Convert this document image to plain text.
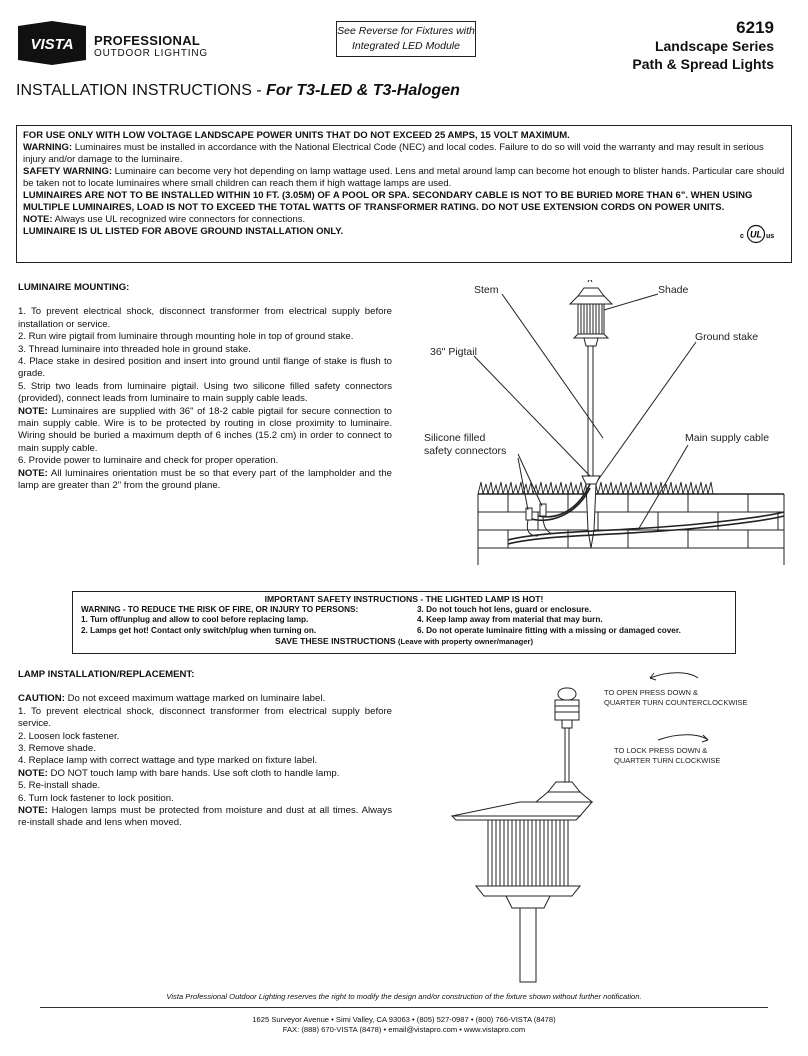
VISTA PROFESSIONAL
OUTDOOR LIGHTING
See Reverse for Fixtures with
Integrated LED Module
6219
Landscape Series
Path & Spread Lights
INSTALLATION INSTRUCTIONS - For T3-LED & T3-Halogen

FOR USE ONLY WITH LOW VOLTAGE LANDSCAPE POWER UNITS THAT DO NOT EXCEED 25 AMPS, 15 VOLT MAXIMUM.

WARNING: Luminaires must be installed in accordance with the National Electrical Code (NEC) and local codes. Failure to do so will void the warranty and may result in serious injury and/or damage to the luminaire.

SAFETY WARNING: Luminaire can become very hot depending on lamp wattage used. Lens and metal around lamp can become hot enough to blister hands. Particular care should be taken not to locate luminaires where small children can reach them if high wattage lamps are used.

LUMINAIRES ARE NOT TO BE INSTALLED WITHIN 10 FT. (3.05M) OF A POOL OR SPA. SECONDARY CABLE IS NOT TO BE BURIED MORE THAN 6". WHEN USING MULTIPLE LUMINAIRES, LOAD IS NOT TO EXCEED THE TOTAL WATTS OF TRANSFORMER RATING. DO NOT USE EXTENSION CORDS ON POWER UNITS.

NOTE: Always use UL recognized wire connectors for connections.

LUMINAIRE IS UL LISTED FOR ABOVE GROUND INSTALLATION ONLY.	c UL us

LUMINAIRE MOUNTING:

1. To prevent electrical shock, disconnect transformer from electrical supply before installation or service.

2. Run wire pigtail from luminaire through mounting hole in top of ground stake.

3. Thread luminaire into threaded hole in ground stake.

4. Place stake in desired position and insert into ground until flange of stake is flush to grade.

5. Strip two leads from luminaire pigtail. Using two silicone filled safety connectors (provided), connect leads from luminaire to main supply cable leads.

NOTE: Luminaires are supplied with 36" of 18-2 cable pigtail for secure connection to main supply cable. Wire is to be protected by routing in close proximity to luminaire. Wiring should be buried a maximum depth of 6 inches (15.2 cm) in order to connect to main supply cable.

6. Provide power to luminaire and check for proper operation.

NOTE: All luminaires orientation must be so that every part of the lampholder and the lamp are greater than 2" from the ground plane.

Stem	Shade
Ground stake
36" Pigtail
Silicone filled
safety connectors
Main supply cable
IMPORTANT SAFETY INSTRUCTIONS - THE LIGHTED LAMP IS HOT!
WARNING - TO REDUCE THE RISK OF FIRE, OR INJURY TO PERSONS:
1. Turn off/unplug and allow to cool before replacing lamp.
2. Lamps get hot! Contact only switch/plug when turning on.
3. Do not touch hot lens, guard or enclosure.
4. Keep lamp away from material that may burn.
6. Do not operate luminaire fitting with a missing or damaged cover.
SAVE THESE INSTRUCTIONS (Leave with property owner/manager)

LAMP INSTALLATION/REPLACEMENT:

CAUTION: Do not exceed maximum wattage marked on luminaire label.

1. To prevent electrical shock, disconnect transformer from electrical supply before service.

2. Loosen lock fastener.

3. Remove shade.

4. Replace lamp with correct wattage and type marked on fixture label.

NOTE: DO NOT touch lamp with bare hands. Use soft cloth to handle lamp.

5. Re-install shade.

6. Turn lock fastener to lock position.

NOTE: Halogen lamps must be protected from moisture and dust at all times. Always re-install shade and lens when moved.

TO OPEN PRESS DOWN &
QUARTER TURN COUNTERCLOCKWISE
TO LOCK PRESS DOWN &
QUARTER TURN CLOCKWISE
Vista Professional Outdoor Lighting reserves the right to modify the design and/or construction of the fixture shown without further notification.
1625 Surveyor Avenue • Simi Valley, CA 93063 • (805) 527-0987 • (800) 766-VISTA (8478)
FAX: (888) 670-VISTA (8478) • email@vistapro.com • www.vistapro.com
